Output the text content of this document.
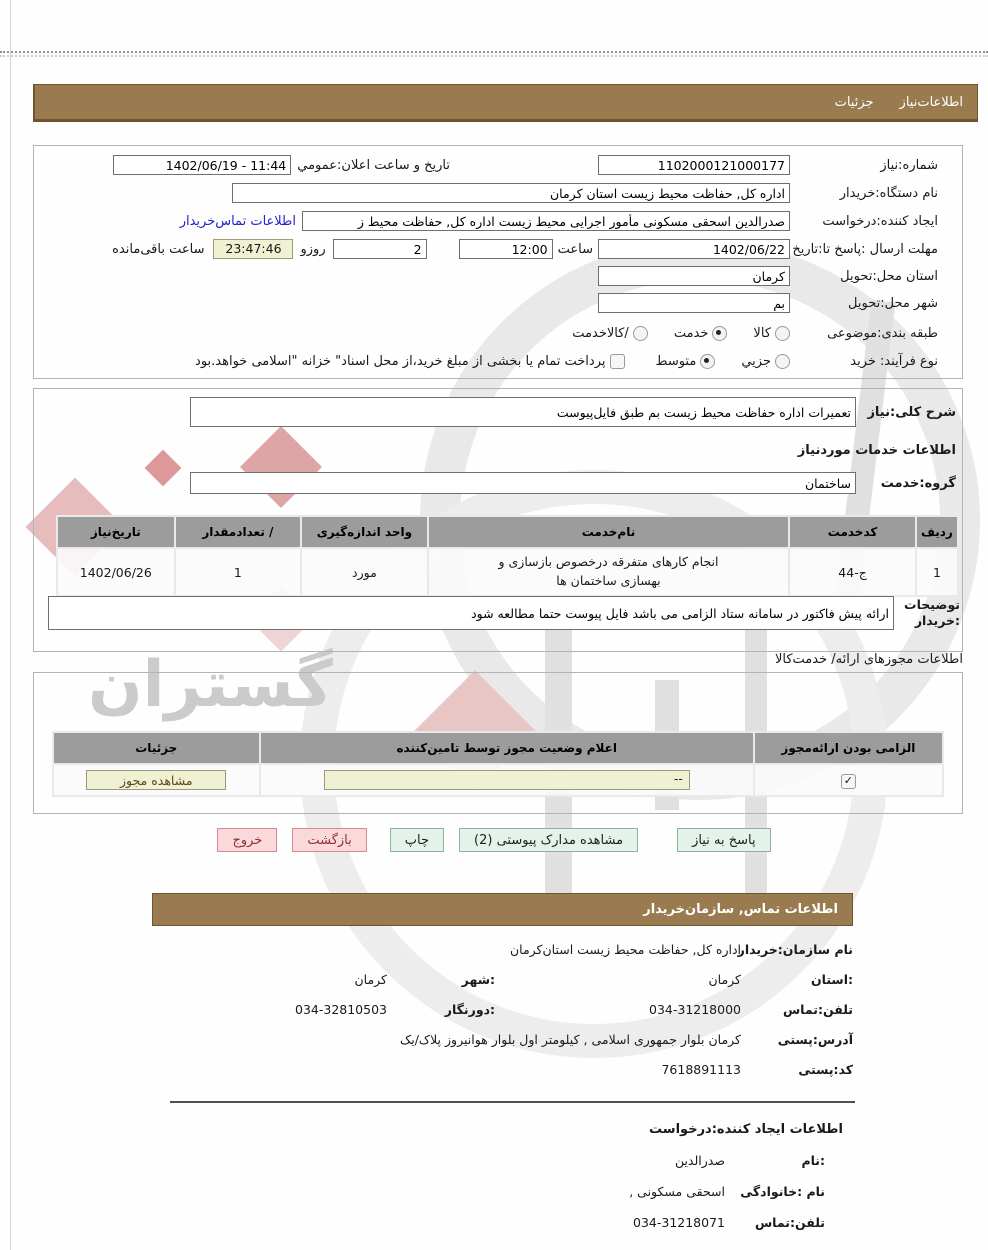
گستران
اطلاعات‌نیاز
جزئیات
شماره:نیاز
1102000121000177
تاریخ و ساعت اعلان:عمومي
11:44 - 1402/06/19
نام دستگاه:خریدار
اداره کل, حفاظت محیط زیست استان کرمان
ایجاد کننده:درخواست
صدرالدین اسحقی مسکونی مأمور اجرایی محیط زیست اداره کل, حفاظت محیط ز
اطلاعات تماس‌خریدار
مهلت ارسال :پاسخ تا:تاریخ
1402/06/22
ساعت
12:00
2
روزو
23:47:46
ساعت باقی‌مانده
استان محل:تحویل
کرمان
شهر محل:تحویل
بم
طبقه بندی:موضوعی
کالا
خدمت
/کالاخدمت
نوع فرآیند: خرید
جزیي
متوسط
پرداخت تمام یا بخشی از مبلغ خرید،از محل اسناد" خزانه "اسلامی خواهد.بود
شرح کلی:نیاز
تعمیرات اداره حفاظت محیط زیست بم طبق فایل‌پیوست
اطلاعات خدمات موردنیاز
گروه:خدمت
ساختمان
ردیف	کدخدمت	نام‌خدمت	واحد اندازه‌گیری	/ تعدادمقدار	تاریخ‌نیاز
1	ج-44	انجام کارهای متفرقه درخصوص بازسازی و بهسازی ساختمان ها	مورد	1	1402/06/26
توضیحات
:خریدار
ارائه پیش فاکتور در سامانه ستاد الزامی می باشد فایل پیوست حتما مطالعه شود
اطلاعات مجوزهای ارائه/ خدمت‌کالا
الزامی بودن ارائه‌مجوز	اعلام وضعیت مجوز توسط تامین‌کننده	جزئیات
✓	--	مشاهده مجوز
پاسخ به نیاز
مشاهده مدارک پیوستی (2)
چاپ
بازگشت
خروج
اطلاعات تماس, سازمان‌خریدار
نام سازمان:خریدار
اداره کل, حفاظت محیط زیست استان‌کرمان
:استان
کرمان
:شهر
کرمان
تلفن:تماس
034-31218000
:دورنگار
034-32810503
آدرس:پستی
کرمان بلوار جمهوری اسلامی , کیلومتر اول بلوار هوانیروز پلاک/یک
کد:پستی
7618891113
اطلاعات ایجاد کننده:درخواست
:نام
صدرالدین
نام :خانوادگی
اسحقی مسکونی ,
تلفن:تماس
034-31218071
